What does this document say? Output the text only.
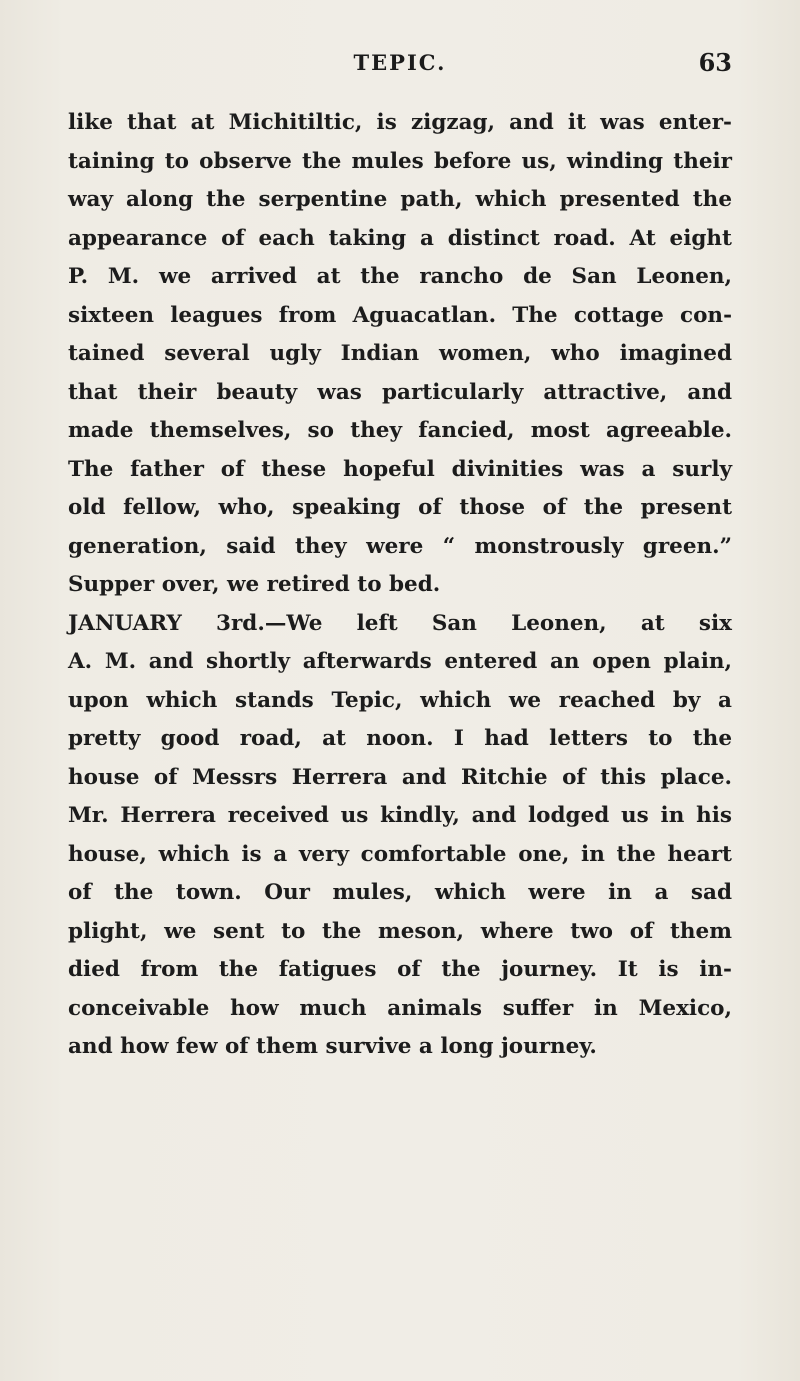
TEPIC.	63
like that at Michitiltic, is zigzag, and it was enter-
taining to observe the mules before us, winding their
way along the serpentine path, which presented the
appearance of each taking a distinct road. At eight
P. M. we arrived at the rancho de San Leonen,
sixteen leagues from Aguacatlan. The cottage con-
tained several ugly Indian women, who imagined
that their beauty was particularly attractive, and
made themselves, so they fancied, most agreeable.
The father of these hopeful divinities was a surly
old fellow, who, speaking of those of the present
generation, said they were “ monstrously green.”
Supper over, we retired to bed.
JANUARY 3rd.—We left San Leonen, at six
A. M. and shortly afterwards entered an open plain,
upon which stands Tepic, which we reached by a
pretty good road, at noon. I had letters to the
house of Messrs Herrera and Ritchie of this place.
Mr. Herrera received us kindly, and lodged us in his
house, which is a very comfortable one, in the heart
of the town. Our mules, which were in a sad
plight, we sent to the meson, where two of them
died from the fatigues of the journey. It is in-
conceivable how much animals suffer in Mexico,
and how few of them survive a long journey.
